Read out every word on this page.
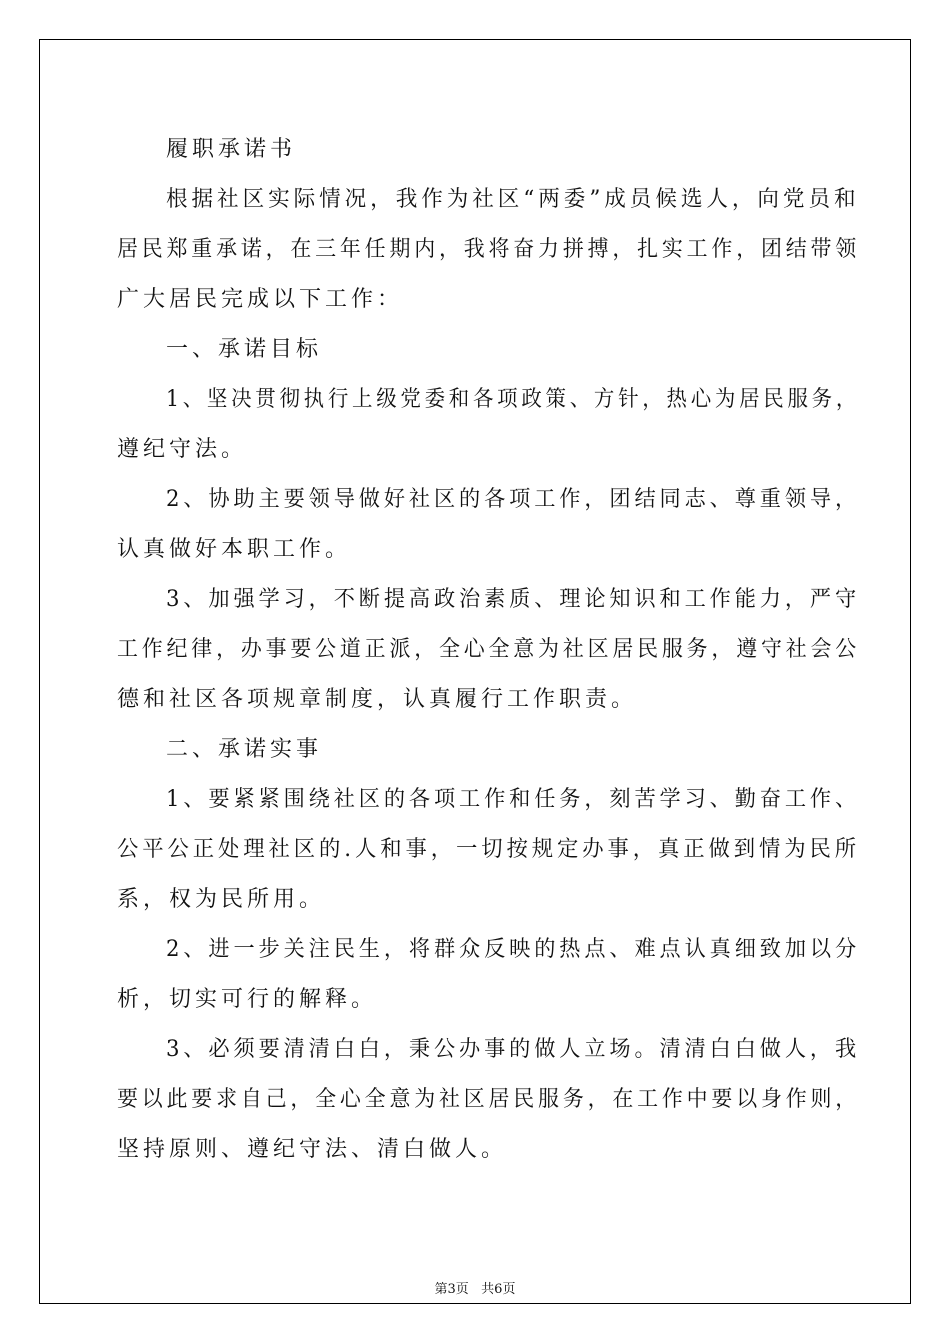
履职承诺书
根据社区实际情况，我作为社区“两委”成员候选人，向党员和
居民郑重承诺，在三年任期内，我将奋力拼搏，扎实工作，团结带领
广大居民完成以下工作：
一、承诺目标
1、坚决贯彻执行上级党委和各项政策、方针，热心为居民服务，
遵纪守法。
2、协助主要领导做好社区的各项工作，团结同志、尊重领导，
认真做好本职工作。
3、加强学习，不断提高政治素质、理论知识和工作能力，严守
工作纪律，办事要公道正派，全心全意为社区居民服务，遵守社会公
德和社区各项规章制度，认真履行工作职责。
二、承诺实事
1、要紧紧围绕社区的各项工作和任务，刻苦学习、勤奋工作、
公平公正处理社区的.人和事，一切按规定办事，真正做到情为民所
系，权为民所用。
2、进一步关注民生，将群众反映的热点、难点认真细致加以分
析，切实可行的解释。
3、必须要清清白白，秉公办事的做人立场。清清白白做人，我
要以此要求自己，全心全意为社区居民服务，在工作中要以身作则，
坚持原则、遵纪守法、清白做人。
第3页   共6页
